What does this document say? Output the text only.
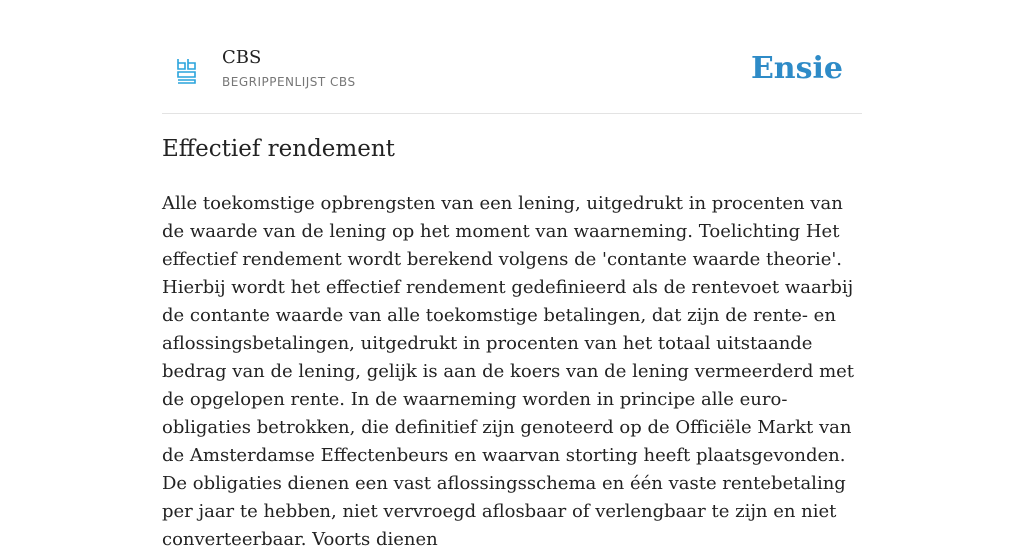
CBS
BEGRIPPENLIJST CBS	Ensie
Effectief rendement

Alle toekomstige opbrengsten van een lening, uitgedrukt in procenten van de waarde van de lening op het moment van waarneming. Toelichting Het effectief rendement wordt berekend volgens de 'contante waarde theorie'. Hierbij wordt het effectief rendement gedefinieerd als de rentevoet waarbij de contante waarde van alle toekomstige betalingen, dat zijn de rente- en aflossingsbetalingen, uitgedrukt in procenten van het totaal uitstaande bedrag van de lening, gelijk is aan de koers van de lening vermeerderd met de opgelopen rente. In de waarneming worden in principe alle euro-obligaties betrokken, die definitief zijn genoteerd op de Officiële Markt van de Amsterdamse Effectenbeurs en waarvan storting heeft plaatsgevonden. De obligaties dienen een vast aflossingsschema en één vaste rentebetaling per jaar te hebben, niet vervroegd aflosbaar of verlengbaar te zijn en niet converteerbaar. Voorts dienen
